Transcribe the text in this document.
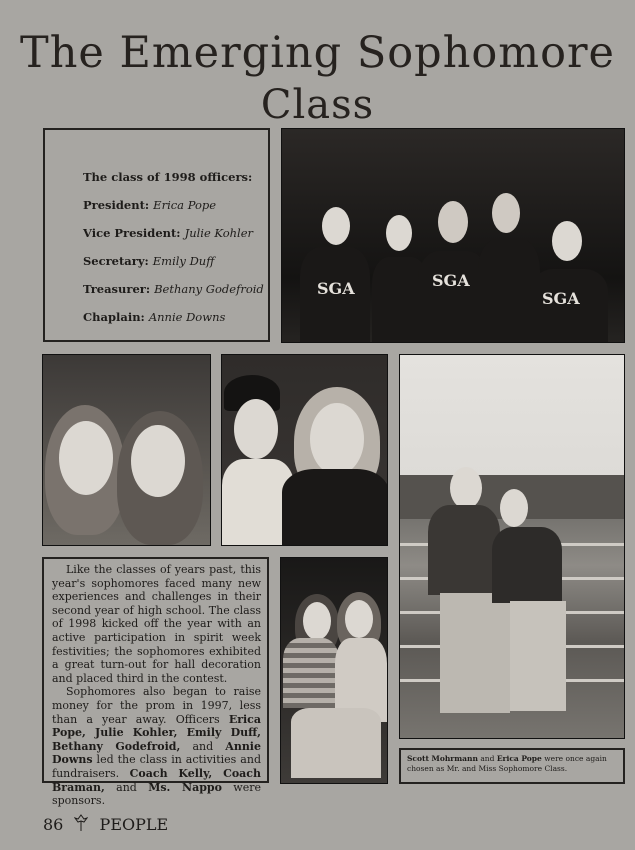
The Emerging Sophomore
Class
The class of 1998 officers:
President: Erica Pope
Vice President: Julie Kohler
Secretary: Emily Duff
Treasurer: Bethany Godefroid
Chaplain: Annie Downs
SGA	SGA
SGA
Scott Mohrmann and Erica Pope were once again chosen as Mr. and Miss Sophomore Class.

Like the classes of years past, this year's sophomores faced many new experiences and challenges in their second year of high school. The class of 1998 kicked off the year with an active participation in spirit week festivities; the sophomores exhibited a great turn-out for hall decoration and placed third in the contest.

Sophomores also began to raise money for the prom in 1997, less than a year away. Officers Erica Pope, Julie Kohler, Emily Duff, Bethany Godefroid, and Annie Downs led the class in activities and fundraisers. Coach Kelly, Coach Braman, and Ms. Nappo were sponsors.

86 PEOPLE
